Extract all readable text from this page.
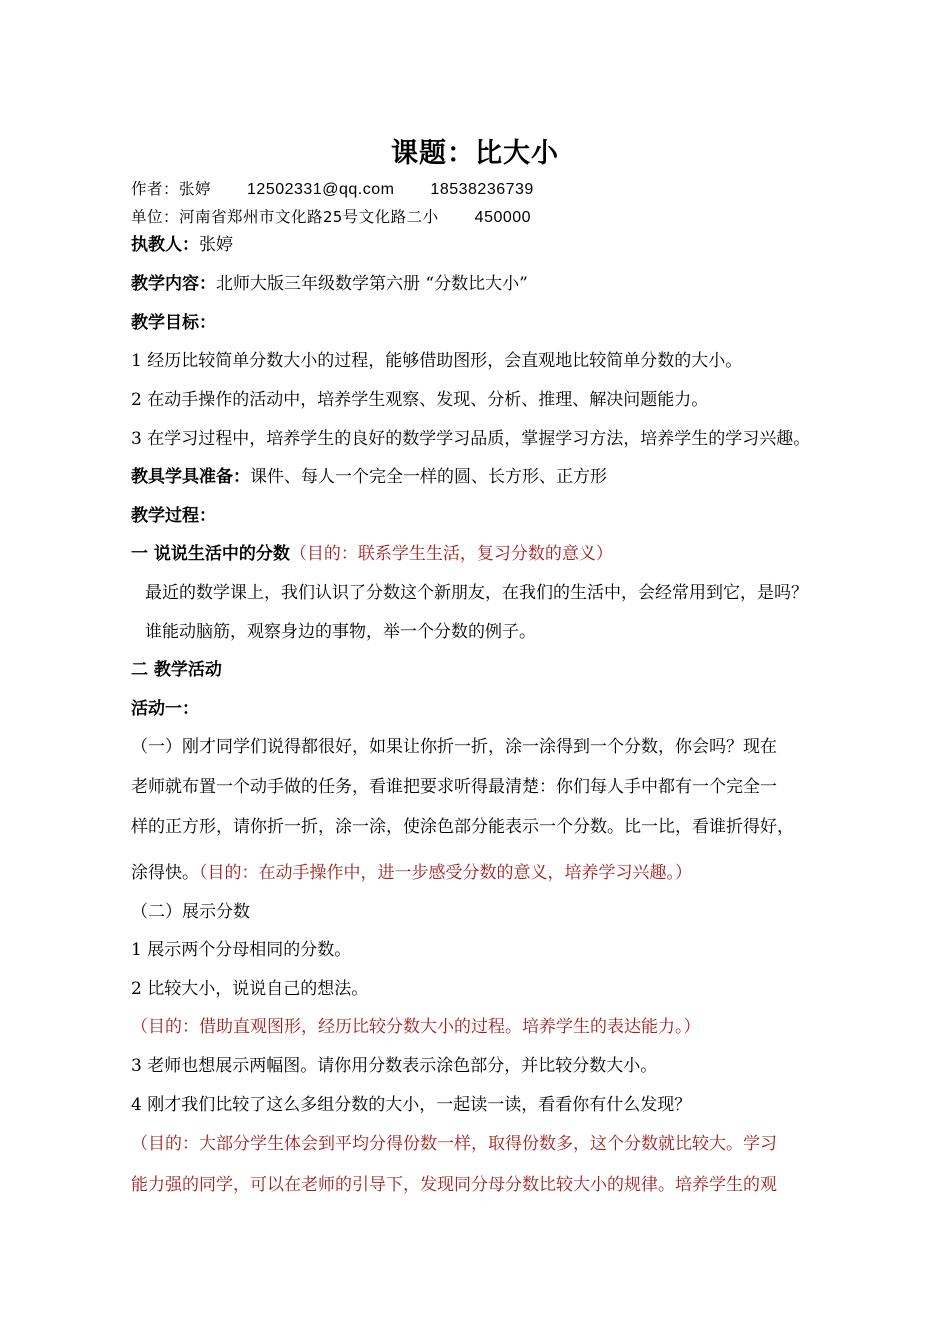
课题：比大小
作者：张婷 12502331@qq.com 18538236739
单位：河南省郑州市文化路25号文化路二小 450000
执教人：张婷
教学内容：北师大版三年级数学第六册 “分数比大小”
教学目标：
1 经历比较简单分数大小的过程，能够借助图形，会直观地比较简单分数的大小。
2 在动手操作的活动中，培养学生观察、发现、分析、推理、解决问题能力。
3 在学习过程中，培养学生的良好的数学学习品质，掌握学习方法，培养学生的学习兴趣。
教具学具准备：课件、每人一个完全一样的圆、长方形、正方形
教学过程：
一 说说生活中的分数（目的：联系学生生活，复习分数的意义）
最近的数学课上，我们认识了分数这个新朋友，在我们的生活中，会经常用到它，是吗？
谁能动脑筋，观察身边的事物，举一个分数的例子。
二 教学活动
活动一：
（一）刚才同学们说得都很好，如果让你折一折，涂一涂得到一个分数，你会吗？现在
老师就布置一个动手做的任务，看谁把要求听得最清楚：你们每人手中都有一个完全一
样的正方形，请你折一折，涂一涂，使涂色部分能表示一个分数。比一比，看谁折得好，
涂得快。（目的：在动手操作中，进一步感受分数的意义，培养学习兴趣。）
（二）展示分数
1 展示两个分母相同的分数。
2 比较大小，说说自己的想法。
（目的：借助直观图形，经历比较分数大小的过程。培养学生的表达能力。）
3 老师也想展示两幅图。请你用分数表示涂色部分，并比较分数大小。
4 刚才我们比较了这么多组分数的大小，一起读一读，看看你有什么发现？
（目的：大部分学生体会到平均分得份数一样，取得份数多，这个分数就比较大。学习
能力强的同学，可以在老师的引导下，发现同分母分数比较大小的规律。培养学生的观
